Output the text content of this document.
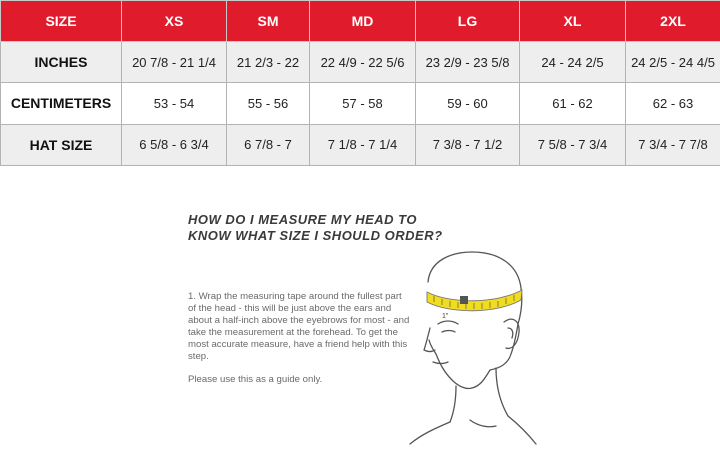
SIZE	XS	SM	MD	LG	XL	2XL
INCHES	20 7/8 - 21 1/4	21 2/3 - 22	22 4/9 - 22 5/6	23 2/9 - 23 5/8	24 - 24 2/5	24 2/5 - 24 4/5
CENTIMETERS	53 - 54	55 - 56	57 - 58	59 - 60	61 - 62	62 - 63
HAT SIZE	6 5/8 - 6 3/4	6 7/8 - 7	7 1/8 - 7 1/4	7 3/8 - 7 1/2	7 5/8 - 7 3/4	7 3/4 - 7 7/8
HOW DO I MEASURE MY HEAD TO
KNOW WHAT SIZE I SHOULD ORDER?

1. Wrap the measuring tape around the fullest part of the head - this will be just above the ears and about a half-inch above the eyebrows for most - and take the measurement at the forehead. To get the most accurate measure, have a friend help with this step.

Please use this as a guide only.

1"
